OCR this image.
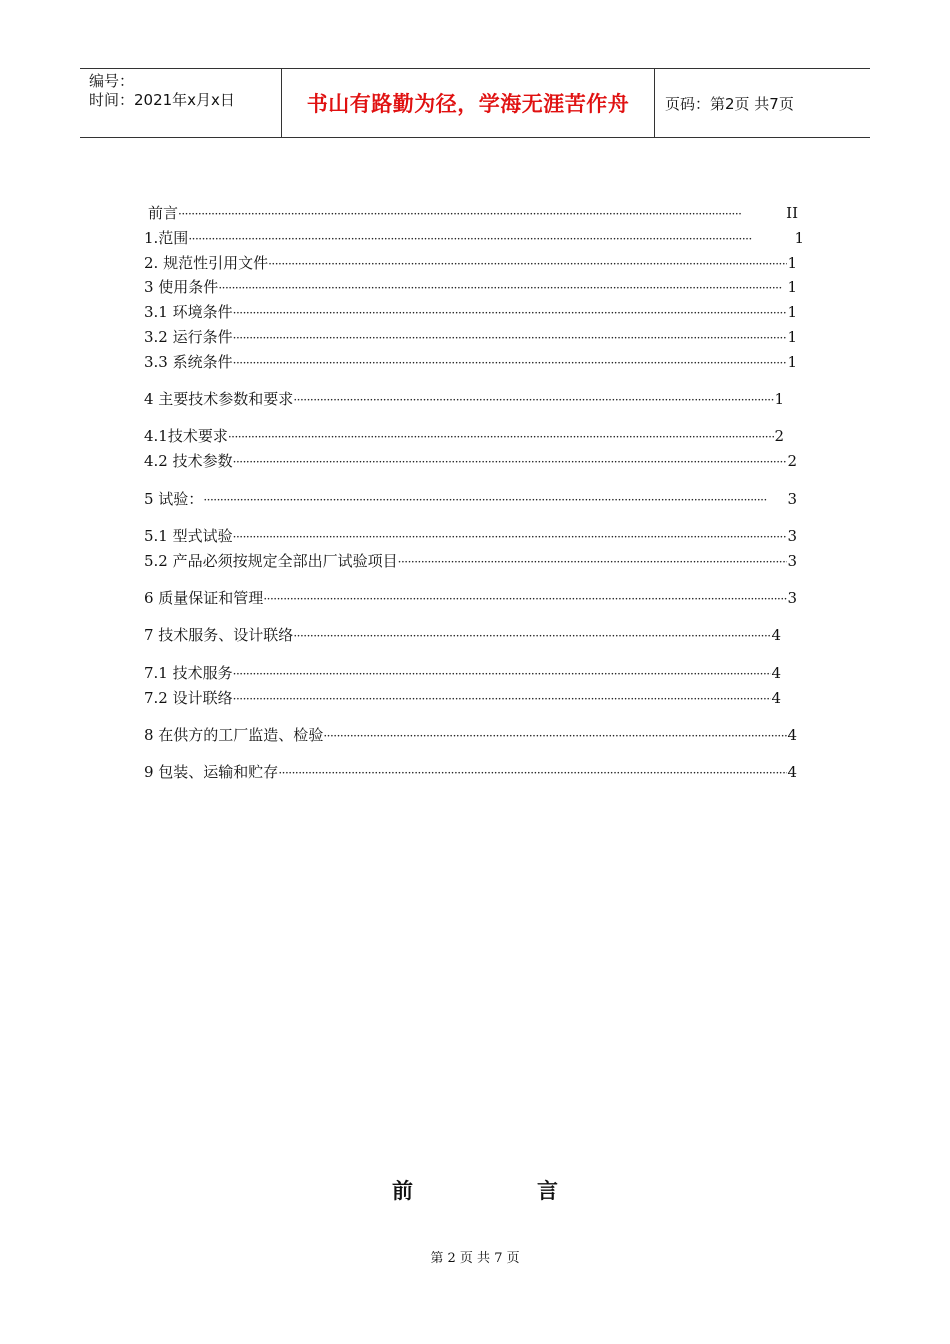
编号：
时间：2021年x月x日	书山有路勤为径，学海无涯苦作舟 页码：第2页 共7页
前言 ·····	II
1.范围 ·····	1
2. 规范性引用文件 ·····	1
3 使用条件 ·····	1
3.1 环境条件 ·····	1
3.2 运行条件 ·····	1
3.3 系统条件 ·····	1
4 主要技术参数和要求 ·····	1
4.1技术要求 ·····	2
4.2 技术参数 ·····	2
5 试验： ·····	3
5.1 型式试验 ·····	3
5.2 产品必须按规定全部出厂试验项目 ·····	3
6 质量保证和管理 ·····	3
7 技术服务、设计联络 ·····	4
7.1 技术服务 ·····	4
7.2 设计联络 ·····	4
8 在供方的工厂监造、检验 ·····	4
9 包装、运输和贮存 ·····	4
前	言
第 2 页 共 7 页
